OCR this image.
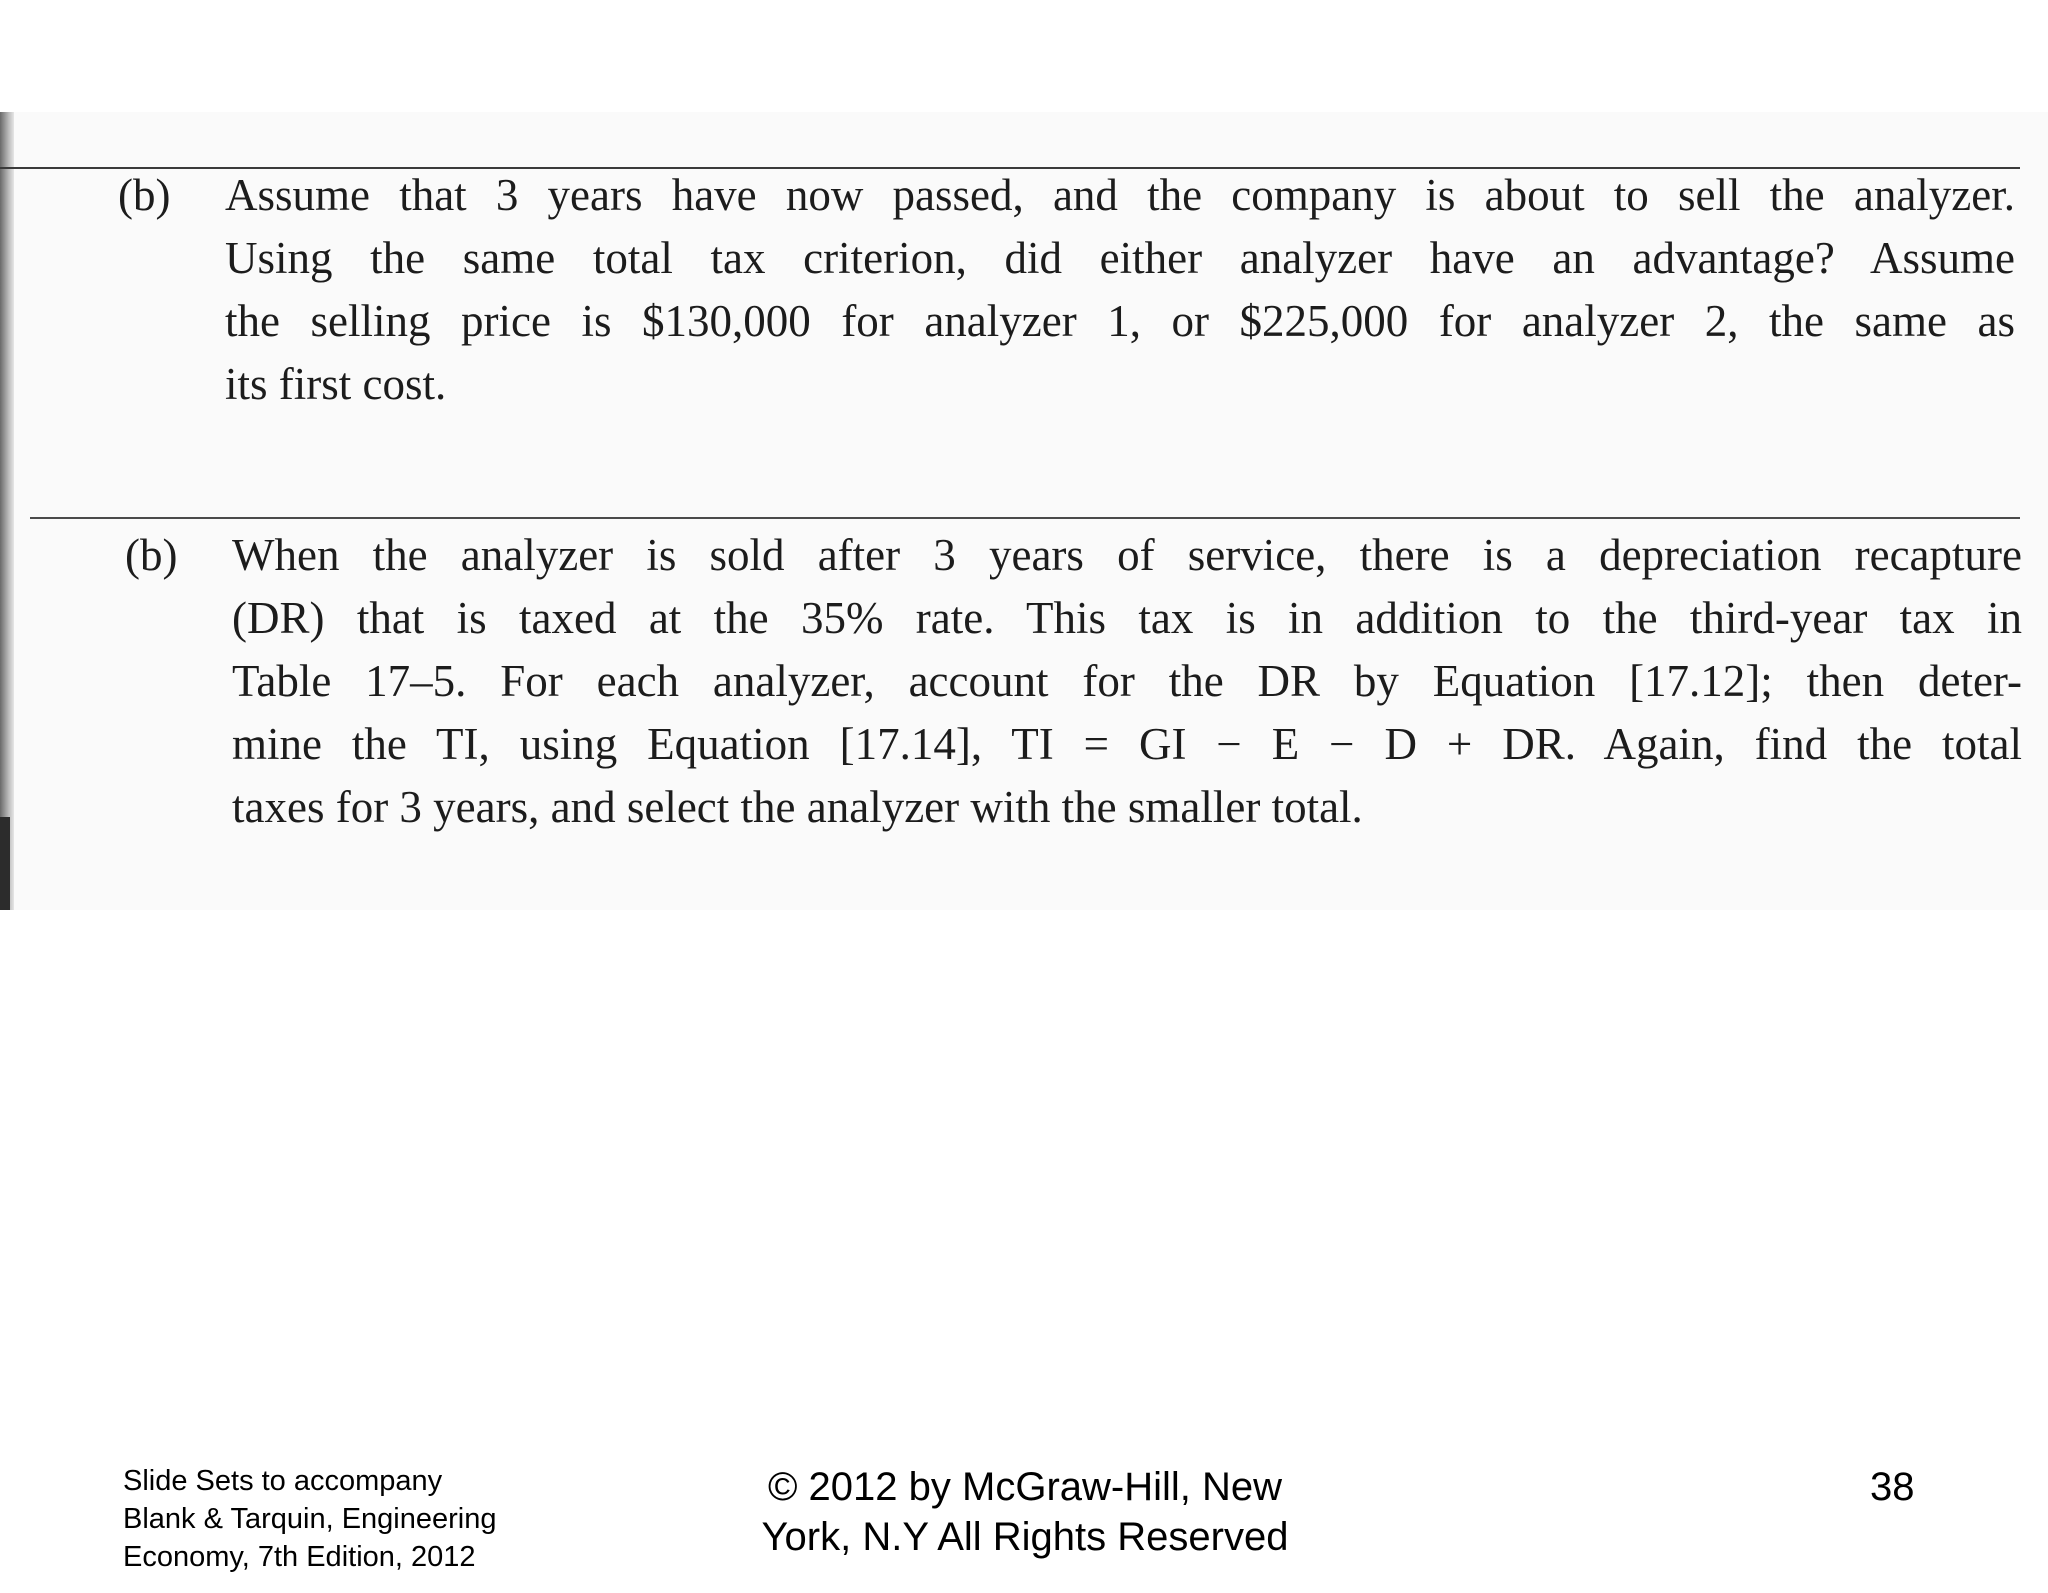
(b) Assume that 3 years have now passed, and the company is about to sell the analyzer.
Using the same total tax criterion, did either analyzer have an advantage? Assume
the selling price is $130,000 for analyzer 1, or $225,000 for analyzer 2, the same as
its first cost.
(b) When the analyzer is sold after 3 years of service, there is a depreciation recapture
(DR) that is taxed at the 35% rate. This tax is in addition to the third-year tax in
Table 17–5. For each analyzer, account for the DR by Equation [17.12]; then deter-
mine the TI, using Equation [17.14], TI = GI − E − D + DR. Again, find the total
taxes for 3 years, and select the analyzer with the smaller total.
Slide Sets to accompany
Blank & Tarquin, Engineering
Economy, 7th Edition, 2012
© 2012 by McGraw-Hill, New
York, N.Y All Rights Reserved
38
